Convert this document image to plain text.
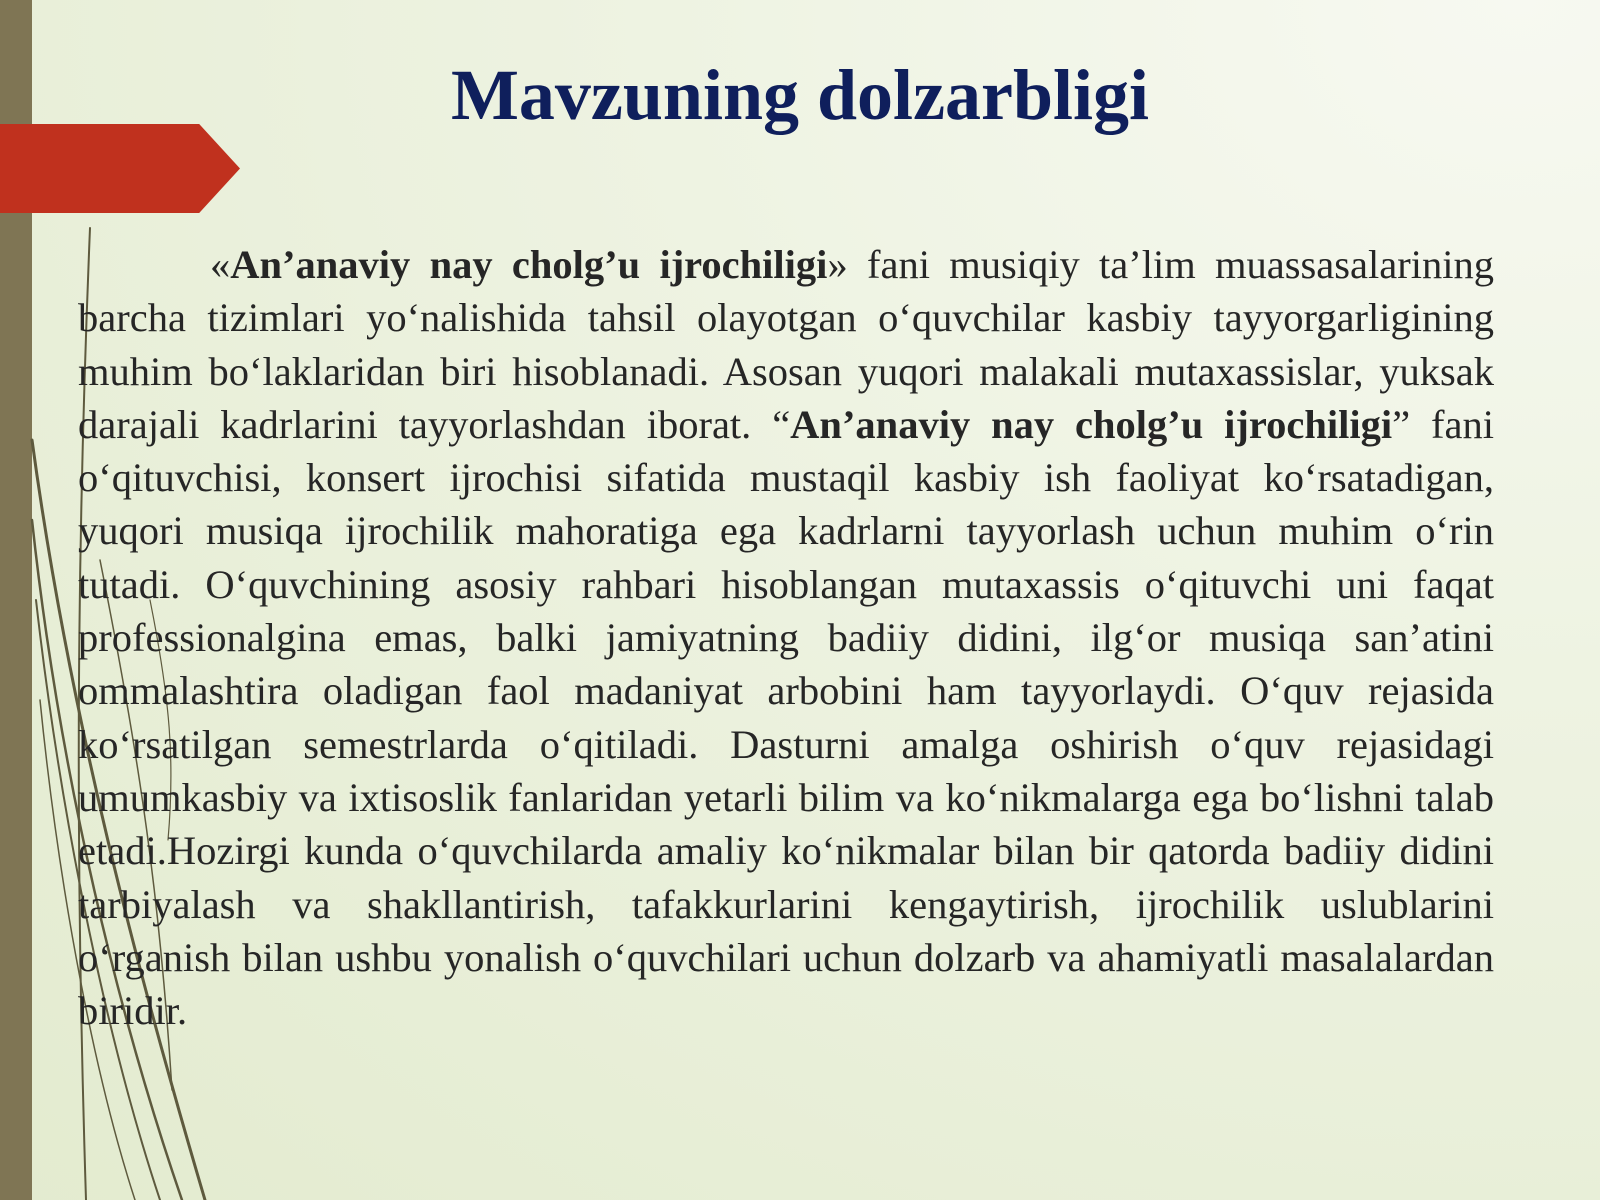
Mavzuning dolzarbligi
«An’anaviy nay cholg’u ijrochiligi» fani musiqiy ta’lim muassasalarining barcha tizimlari yo‘nalishida tahsil olayotgan o‘quvchilar kasbiy tayyorgarligining muhim bo‘laklaridan biri hisoblanadi. Asosan yuqori malakali mutaxassislar, yuksak darajali kadrlarini tayyorlashdan iborat. “An’anaviy nay cholg’u ijrochiligi” fani o‘qituvchisi, konsert ijrochisi sifatida mustaqil kasbiy ish faoliyat ko‘rsatadigan, yuqori musiqa ijrochilik mahoratiga ega kadrlarni tayyorlash uchun muhim o‘rin tutadi. O‘quvchining asosiy rahbari hisoblangan mutaxassis o‘qituvchi uni faqat professionalgina emas, balki jamiyatning badiiy didini, ilg‘or musiqa san’atini ommalashtira oladigan faol madaniyat arbobini ham tayyorlaydi. O‘quv rejasida ko‘rsatilgan semestrlarda o‘qitiladi. Dasturni amalga oshirish o‘quv rejasidagi umumkasbiy va ixtisoslik fanlaridan yetarli bilim va ko‘nikmalarga ega bo‘lishni talab etadi.Hozirgi kunda o‘quvchilarda amaliy ko‘nikmalar bilan bir qatorda badiiy didini tarbiyalash va shakllantirish, tafakkurlarini kengaytirish, ijrochilik uslublarini o‘rganish bilan ushbu yonalish o‘quvchilari uchun dolzarb va ahamiyatli masalalardan biridir.
